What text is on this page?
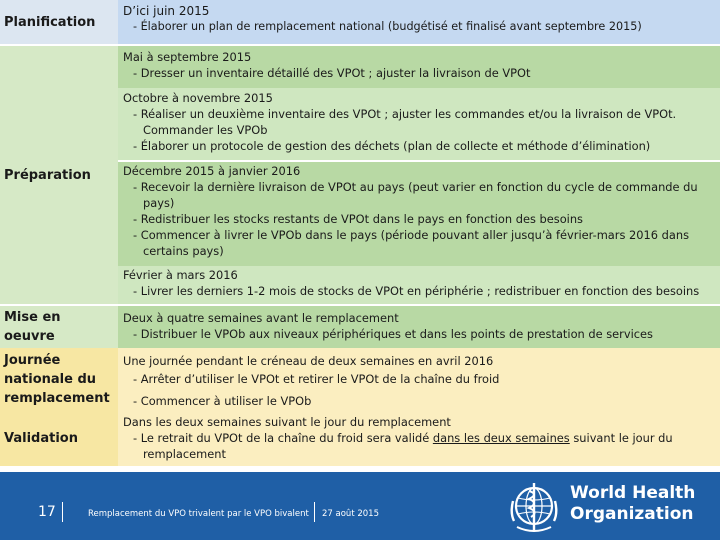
Planification
D’ici juin 2015
- Élaborer un plan de remplacement national (budgétisé et finalisé avant septembre 2015)
Préparation
Mai à septembre 2015
- Dresser un inventaire détaillé des VPOt ; ajuster la livraison de VPOt
Octobre à novembre 2015
- Réaliser un deuxième inventaire des VPOt ; ajuster les commandes et/ou la livraison de VPOt. Commander les VPOb
- Élaborer un protocole de gestion des déchets (plan de collecte et méthode d’élimination)
Décembre 2015 à janvier 2016
- Recevoir la dernière livraison de VPOt au pays (peut varier en fonction du cycle de commande du pays)
- Redistribuer les stocks restants de VPOt dans le pays en fonction des besoins
- Commencer à livrer le VPOb dans le pays (période pouvant aller jusqu’à février-mars 2016 dans certains pays)
Février à mars 2016
- Livrer les derniers 1-2 mois de stocks de VPOt en périphérie ; redistribuer en fonction des besoins
Mise en oeuvre
Deux à quatre semaines avant le remplacement
- Distribuer le VPOb aux niveaux périphériques et dans les points de prestation de services
Journée nationale du remplacement
Une journée pendant le créneau de deux semaines en avril 2016
- Arrêter d’utiliser le VPOt et retirer le VPOt de la chaîne du froid
- Commencer à utiliser le VPOb
Validation
Dans les deux semaines suivant le jour du remplacement
- Le retrait du VPOt de la chaîne du froid sera validé dans les deux semaines suivant le jour du remplacement
17	Remplacement du VPO trivalent par le VPO bivalent 27 août 2015
World Health
Organization
